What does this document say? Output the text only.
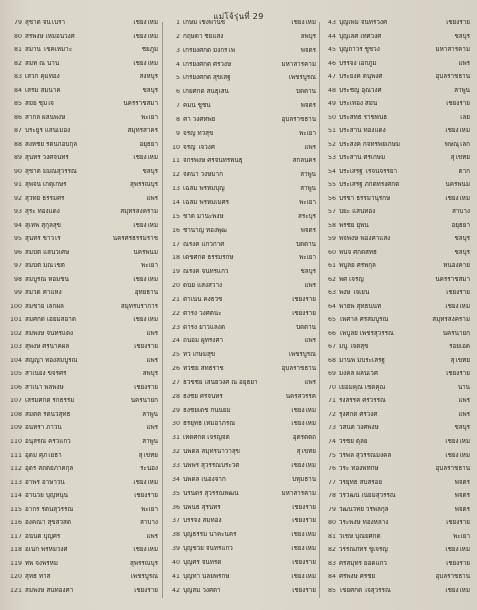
แม่โจ้รุ่นที่ 29
79 สุชาดี จันโปรา	เชียงใหม่
80 สรพงษ์ เหมือนวงศ์	เชียงใหม่
81 สมาน โชคเหมาะ	ชัยภูมิ
82 สมทิ ณ น่าน	เชียงใหม่
83 เสวก คุ้มทอง	สิงห์บุรี
84 เสรม สมนาค	ชลบุรี
85 สมัย ชุ่มใจ	นครราชสีมา
86 สากล ผลินพงษ์	พะเยา
87 ประยูร แสนเมือง	สมุทรสาคร
88 สิงห์ชัย รัตนกอบกุล	อยุธยา
89 สุนทร วงศ์จันทร์	เชียงใหม่
90 สุชาติ มีมณีสุวรรณ	ชลบุรี
91 สุพจน์ เกตุเกษร	สุพรรณบุรี
92 สุวิทย์ ธรรมศรี	แพร่
93 สุระ ทองแดง	สมุทรสงคราม
94 สุเทพ สุกุลสุข	เชียงใหม่
95 สุนทร ชาวไร่	นครศรีธรรมราช
96 สมบัติ แสนวิเศษ	นครพนม
97 สมบัติ มณีโชติ	พะเยา
98 สมบูรณ์ หอมชื่น	เชียงใหม่
99 สมวัด คำแหง	อุทัยธานี
100 สมชาย เล็กผล	สมุทรปราการ
101 สมศักดิ์ เอี่ยมสอาด	เชียงใหม่
102 สมพงษ์ จันทร์แดง	แพร่
103 สุพงษ์ ศรีนาคผล	เชียงราย
104 สัญญา ทองสมบูรณ์	แพร่
105 สำเนียง ขจรศรี	ลพบุรี
106 สำเนา พลพงษ์	เชียงราย
107 เสริมศักดิ์ รักธรรม	นครนายก
108 สมิตต์ รัตนวิสุทธิ์	ลำพูน
109 อินทรา ภาวิน	แพร่
110 อนุสรณ์ ครัวแก้ว	ลำพูน
111 อุดม ศุภโยธา	สุโขทัย
112 อุดร สถิตย์ภาคีกุล	ระนอง
113 อำพร อาษาวิน	เชียงใหม่
114 อำนวย บุญหนุน	เชียงราย
115 อากร รัตนสุวรรณ	พะเยา
116 อังคณา สุขสวัสดิ์	ลำปาง
117 อนันต์ บุญศรี	แพร่
118 อเนก พรหมวงศ์	เชียงใหม่
119 ทิพ จงพรหม	สุพรรณบุรี
120 สุทธิ ทาสี	เพชรบูรณ์
121 สมพงษ์ สันทองคำ	เชียงราย
1 เกษม เชิงพานิช	เชียงใหม่
2 กฤษดา ชัยแสง	ลพบุรี
3 เกรียงศักดิ์ มังกรโพ	พิจิตร
4 เกรียงศักดิ์ ศรีวงษ์	มหาสารคาม
5 เกรียงศักดิ์ สุขเสฐ	เพชรบูรณ์
6 เกยศักดิ์ สินธุเสน	ปัตตานี
7 คมน์ ชูชื่น	พิจิตร
8 คำ วงศ์ทิพย์	อุบลราชธานี
9 จรัญ ทวีสุข	พะเยา
10 จรัญ ใจวงศ์	แพร่
11 จักรพงษ์ ศรีจันทร์พันธุ์	สกลนคร
12 จิตนา วงษ์มาก	ลำพูน
13 เฉลิม พรหมบุญ	ลำพูน
14 เฉลิม พรหมเมศร์	พะเยา
15 ชาติ มานะพงษ์	สระบุรี
16 ชำนาญ ทองพุฒ	พิจิตร
17 ณรงค์ แก้วกาศ	ปัตตานี
18 เดชศักดิ์ ธรรมรักษ์	พะเยา
19 ณรงค์ จันทร์แก้ว	ชลบุรี
20 ดนัย แสงสว่าง	แพร่
21 ดำเนิน คงธวัช	เชียงราย
22 ดำรง วงศ์ตนะ	เชียงราย
23 ดารง ยาวแลงดี	ปัตตานี
24 ถนอม ผู้ทรงคำ	แพร่
25 ทวี เกษมสุข	เพชรบูรณ์
26 ทวีชัย สิทธิราช	อุบลราชธานี
27 ธวัชชัย เสนีย์วงศ์ ณ อยุธยา	แพร่
28 ธงชัย ศรีจันทร์	นครสวรรค์
29 ธงชัยเดช กันนิยม	เชียงใหม่
30 ธีรยุทธ เหมอาภรณ์	เชียงใหม่
31 เทิดศักดิ์ เจริญจิต	อุตรดิตถ์
32 นพดล สมุทรนาวาสุข	สุโขทัย
33 นพพร สุวรรณประวัติ	เชียงใหม่
34 นพดล เนื่องจาก	ปทุมธานี
35 นิรันดร์ สุวรรณพัฒน์	มหาสารคาม
36 นิพนธ์ สุรินทร์	เชียงราย
37 บรรจง สมทอง	เชียงราย
38 บุญธรรม นาคะนคร	เชียงใหม่
39 บุญช่วย จันทร์แก้ว	เชียงใหม่
40 บุญศรี จันทร์ดี	เชียงราย
41 บุญทำ นิลยพิรักษ์	เชียงใหม่
42 บุญสม วงศ์ตา	เชียงราย
43 บุญเพิ่ม จันทรวงศ์	เชียงราย
44 บุญเลิศ เทศวงศ์	ชลบุรี
45 บุญถาวร ชูช่วง	มหาสารคาม
46 บรรจง เอกภูมิ	แพร่
47 ประยงค์ ตนุพงศ์	อุบลราชธานี
48 ประชัญ อุณวงศ์	ลำพูน
49 ประเทือง สีมัน	เชียงราย
50 ประสิทธิ์ ราชพันธ์	เลย
51 ประสาน ทองแดง	เชียงใหม่
52 ประสงค์ กิจทรัพย์เกษม	พิษณุโลก
53 ประสาน ศรีเกษม	สุโขทัย
54 ประเสริฐ โรจน์จรรยา	ตาก
55 ประเสริฐ ภักดีทรงศักดิ์	นครพนม
56 ปรีชา ธรรมานุรักษ์	เชียงใหม่
57 ปิยะ แสนทอง	ลำปาง
58 พรชัย ยุพิน	อยุธยา
59 พิจพงษ์ ฟองคำแสง	ชลบุรี
60 พินิจ ศักดิ์สิทธิ์	ชลบุรี
61 พิบูลย์ ศรีพิกุล	หนองคาย
62 พิศ เจริญ	นครราชสีมา
63 พงษ์ ใจเย็น	เชียงราย
64 พายัพ สุทธนนท์	เชียงใหม่
65 ไพศาล ศรีสมบูรณ์	สมุทรสงคราม
66 ไพบูลย์ เพชรสุวรรณ	นครนายก
67 มนู ใจดีสุข	ร้อยเอ็ด
68 มานพ มีประเสริฐ	สุโขทัย
69 มงคล ผลนิเวศ	เชียงราย
70 เยื้อมคุณ เชิดคุณ	น่าน
71 รังสรรค์ ศรีวรรณ	แพร่
72 รุ่งศักดิ์ ศรีวงศ์	แพร่
73 วสันต์ วงศ์พงษ์	ชลบุรี
74 วีรชัย ดุลย	เชียงใหม่
75 วีรพล สุวรรณมงคล	เชียงใหม่
76 วีระ ทองพิทักษ์	อุบลราชธานี
77 วีรยุทธ สืบสร้อย	พิจิตร
78 วีรวัฒน์ เนียมสุวรรณ	พิจิตร
79 วัฒนวิทย์ วีรพลกุล	พิจิตร
80 วีระพงษ์ ทองหลาง	เชียงราย
81 วีเชษ์ บุณยศักดิ์	พะเยา
82 วรรณภัทร ชูเจริญ	เชียงใหม่
83 ศรีสมุทร ยอดแก้ว	เชียงราย
84 ศิริพงษ์ ศรีชัย	อุบลราชธานี
85 ไชยศักดิ์ ใจสุวรรณ	เชียงใหม่
